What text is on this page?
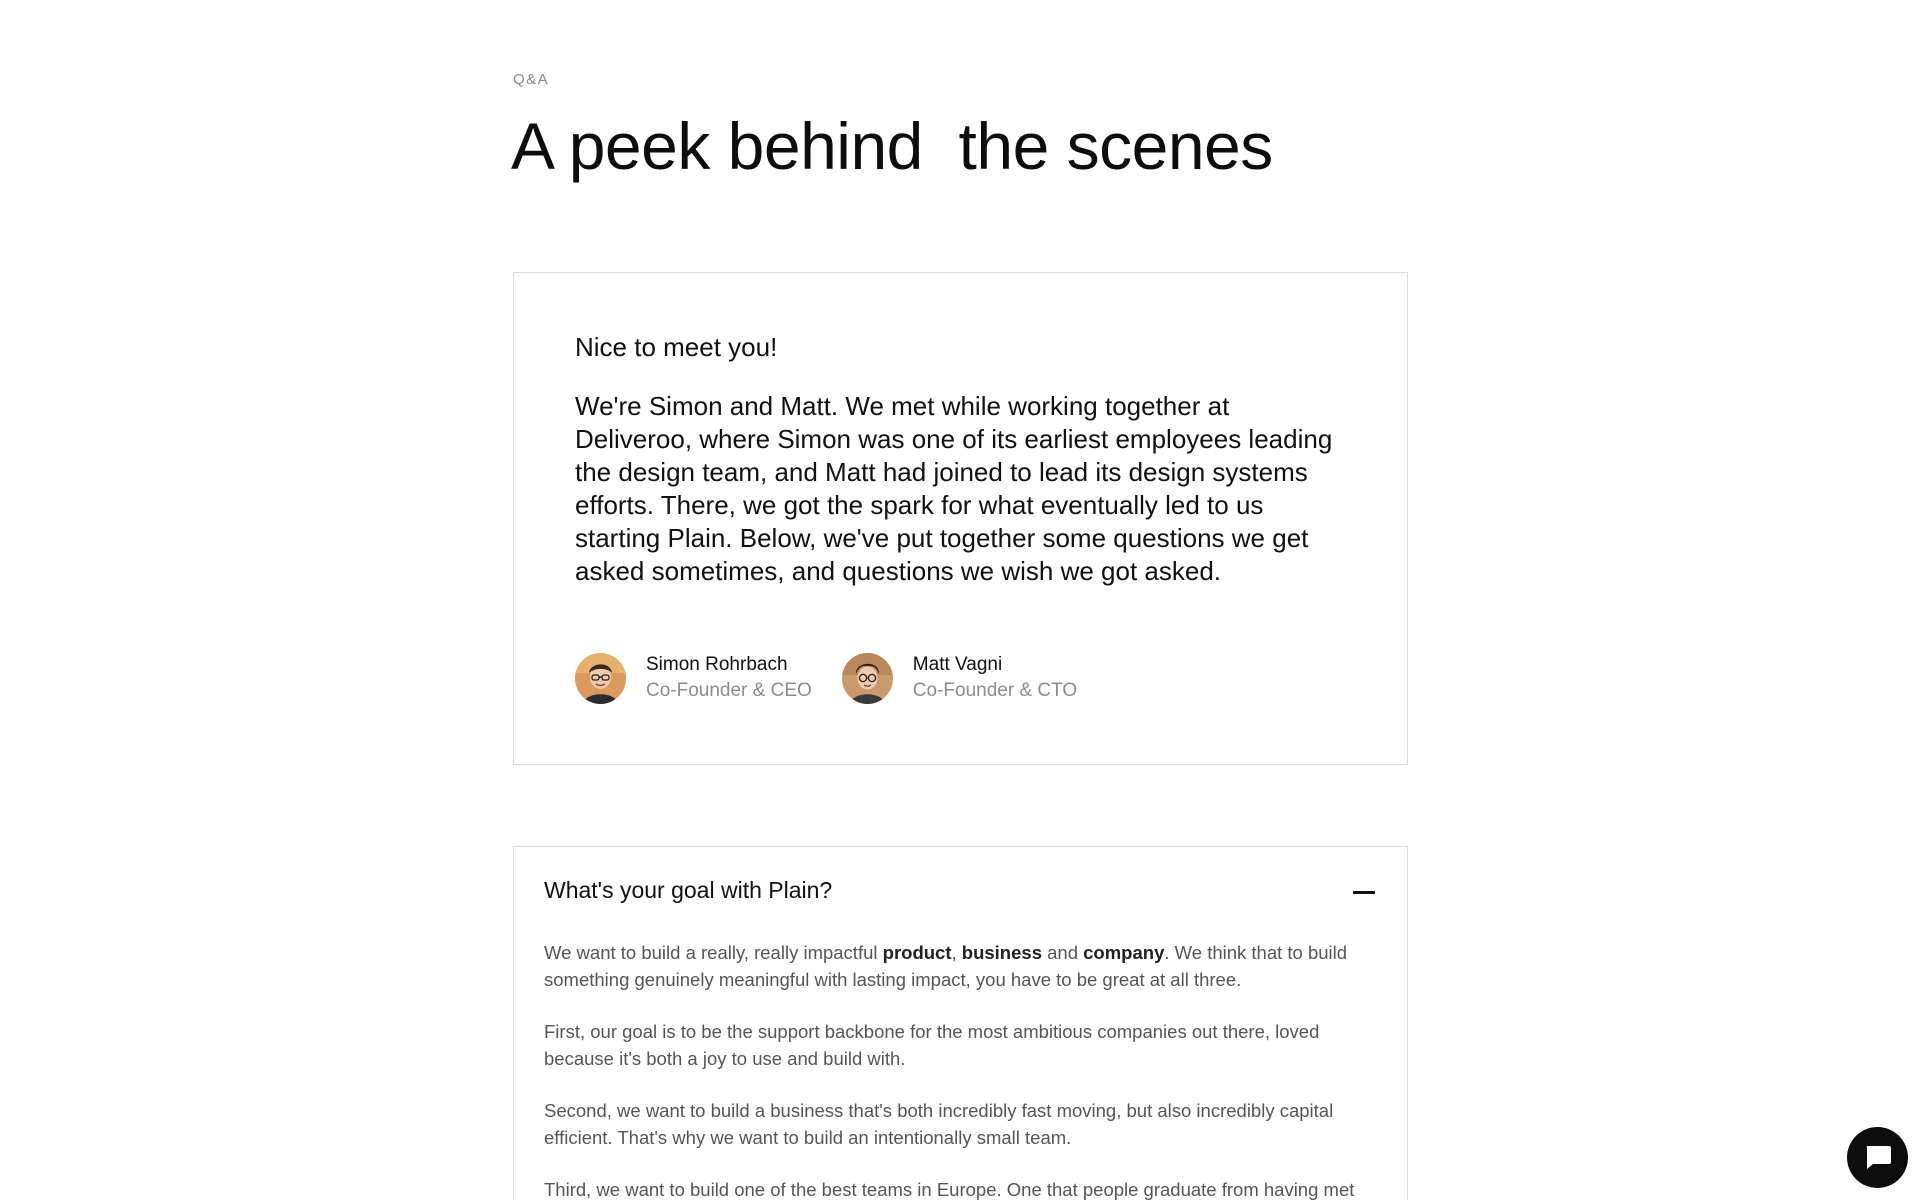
Q&A
A peek behind  the scenes
Nice to meet you!
We're Simon and Matt. We met while working together at Deliveroo, where Simon was one of its earliest employees leading the design team, and Matt had joined to lead its design systems efforts. There, we got the spark for what eventually led to us starting Plain. Below, we've put together some questions we get asked sometimes, and questions we wish we got asked.
Simon Rohrbach
Co-Founder & CEO
Matt Vagni
Co-Founder & CTO
What's your goal with Plain?

We want to build a really, really impactful product, business and company. We think that to build something genuinely meaningful with lasting impact, you have to be great at all three.

First, our goal is to be the support backbone for the most ambitious companies out there, loved because it's both a joy to use and build with.

Second, we want to build a business that's both incredibly fast moving, but also incredibly capital efficient. That's why we want to build an intentionally small team.

Third, we want to build one of the best teams in Europe. One that people graduate from having met
